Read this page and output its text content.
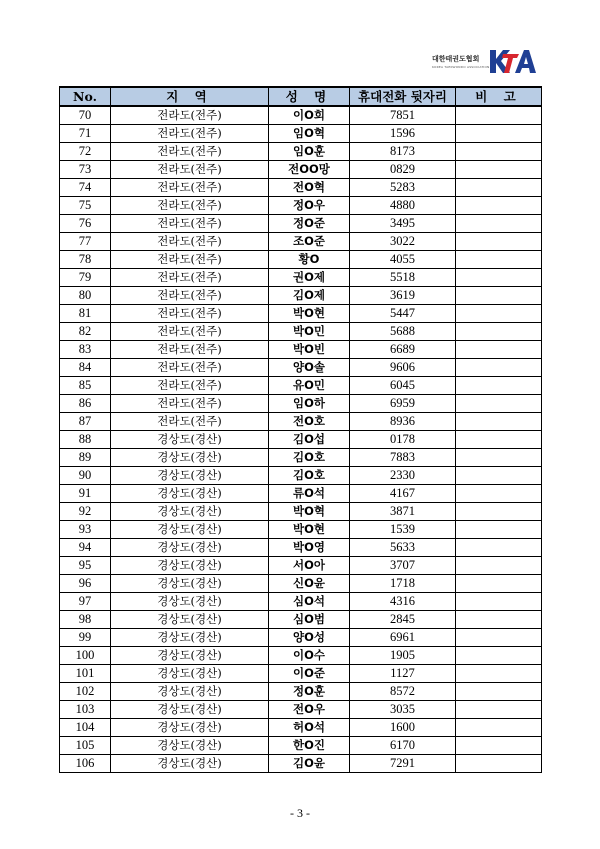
대한태권도협회
KOREA TAEKWONDO ASSOCIATION
No.	지 역	성 명	휴대전화 뒷자리	비 고
70	전라도(전주)	이O희	7851	
71	전라도(전주)	임O혁	1596	
72	전라도(전주)	임O훈	8173	
73	전라도(전주)	전OO망	0829	
74	전라도(전주)	전O혁	5283	
75	전라도(전주)	정O우	4880	
76	전라도(전주)	정O준	3495	
77	전라도(전주)	조O준	3022	
78	전라도(전주)	황O	4055	
79	전라도(전주)	권O제	5518	
80	전라도(전주)	김O제	3619	
81	전라도(전주)	박O현	5447	
82	전라도(전주)	박O민	5688	
83	전라도(전주)	박O빈	6689	
84	전라도(전주)	양O솔	9606	
85	전라도(전주)	유O민	6045	
86	전라도(전주)	임O하	6959	
87	전라도(전주)	전O호	8936	
88	경상도(경산)	김O섭	0178	
89	경상도(경산)	김O호	7883	
90	경상도(경산)	김O호	2330	
91	경상도(경산)	류O석	4167	
92	경상도(경산)	박O혁	3871	
93	경상도(경산)	박O현	1539	
94	경상도(경산)	박O영	5633	
95	경상도(경산)	서O아	3707	
96	경상도(경산)	신O윤	1718	
97	경상도(경산)	심O석	4316	
98	경상도(경산)	심O범	2845	
99	경상도(경산)	양O성	6961	
100	경상도(경산)	이O수	1905	
101	경상도(경산)	이O준	1127	
102	경상도(경산)	정O훈	8572	
103	경상도(경산)	전O우	3035	
104	경상도(경산)	허O석	1600	
105	경상도(경산)	한O진	6170	
106	경상도(경산)	김O윤	7291	
- 3 -
